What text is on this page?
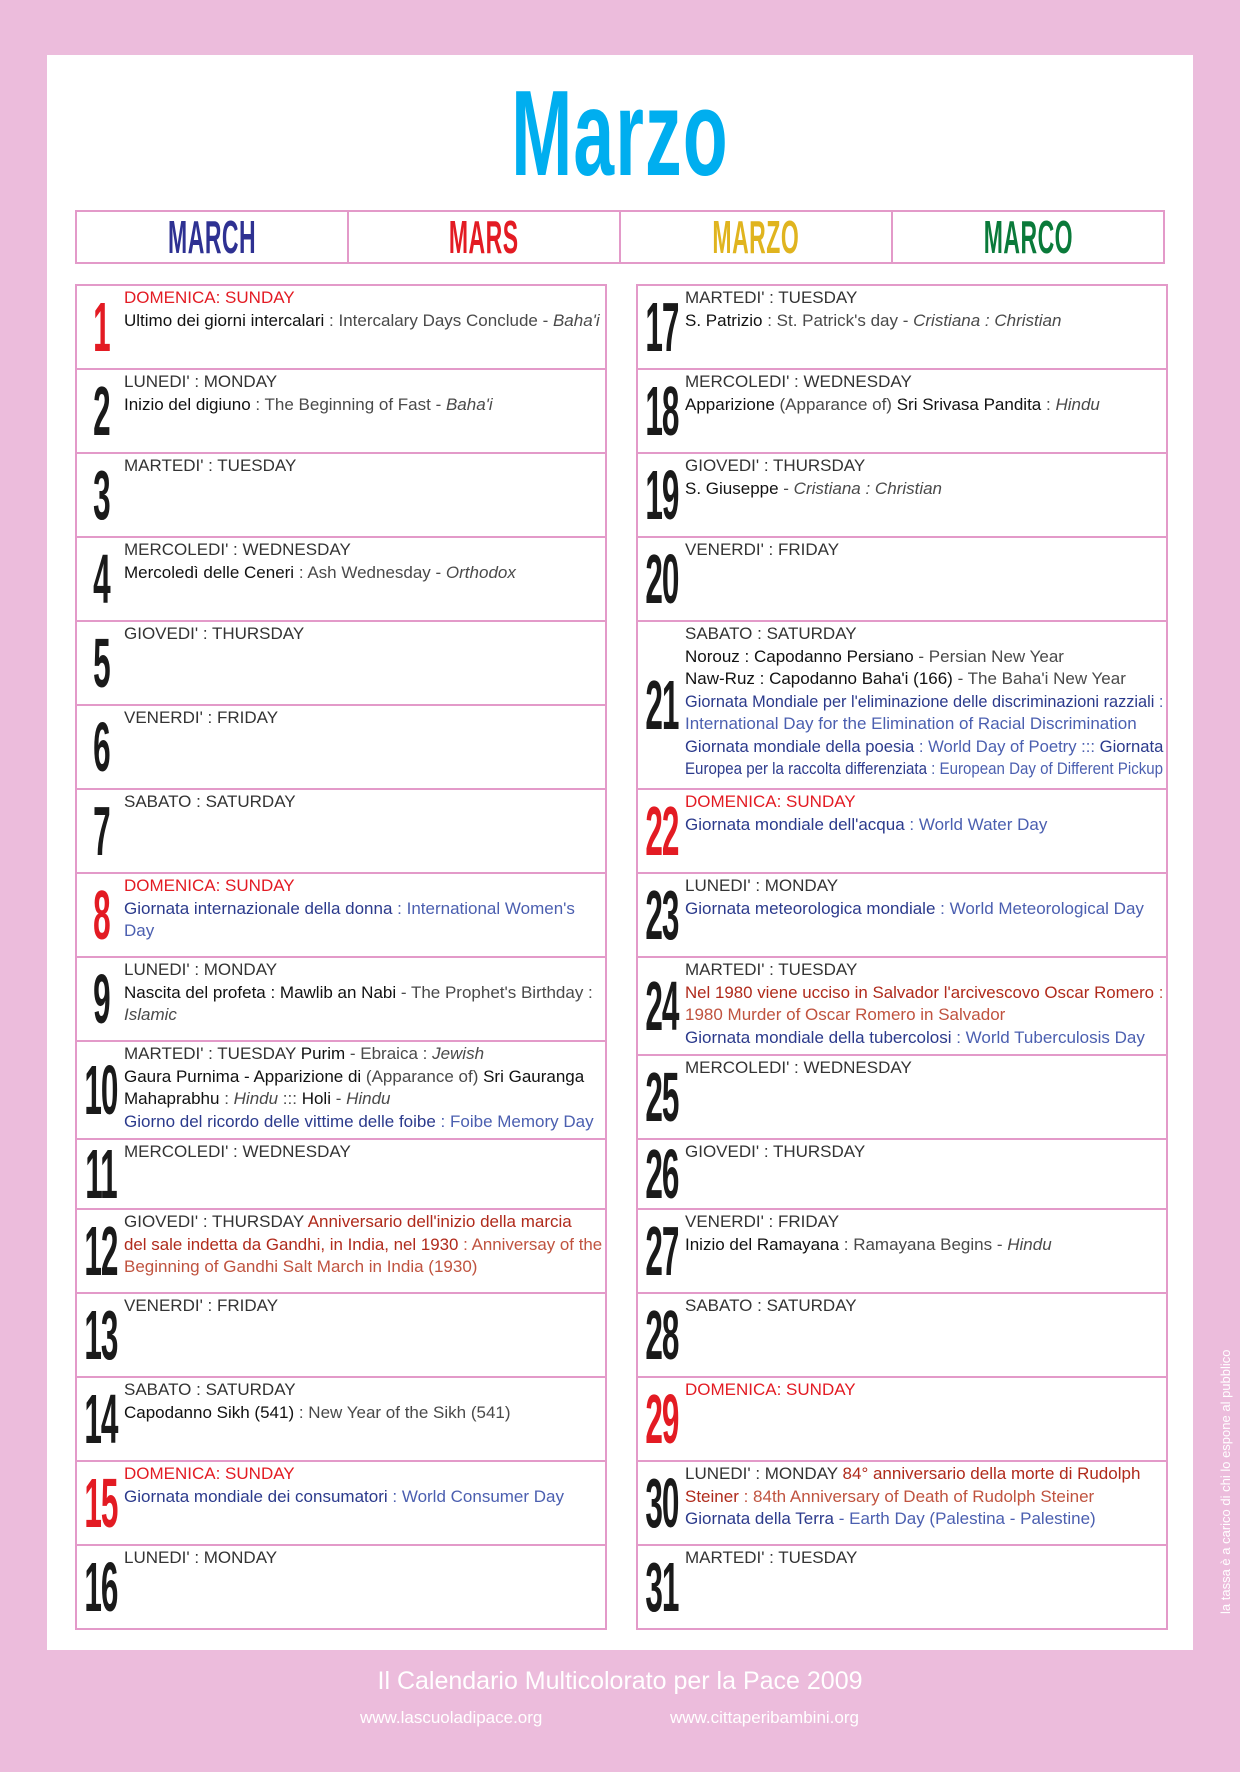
Marzo
MARCH	MARS	MARZO	MARCO
1 DOMENICA: SUNDAY
Ultimo dei giorni intercalari : Intercalary Days Conclude - Baha'i
2 LUNEDI' : MONDAY
Inizio del digiuno : The Beginning of Fast - Baha'i
3 MARTEDI' : TUESDAY
4 MERCOLEDI' : WEDNESDAY
Mercoledì delle Ceneri : Ash Wednesday - Orthodox
5 GIOVEDI' : THURSDAY
6 VENERDI' : FRIDAY
7 SABATO : SATURDAY
8 DOMENICA: SUNDAY
Giornata internazionale della donna : International Women's
Day
9 LUNEDI' : MONDAY
Nascita del profeta : Mawlib an Nabi - The Prophet's Birthday :
Islamic
10 MARTEDI' : TUESDAY Purim - Ebraica : Jewish
Gaura Purnima - Apparizione di (Apparance of) Sri Gauranga
Mahaprabhu : Hindu ::: Holi - Hindu
Giorno del ricordo delle vittime delle foibe : Foibe Memory Day
11 MERCOLEDI' : WEDNESDAY
12 GIOVEDI' : THURSDAY Anniversario dell'inizio della marcia
del sale indetta da Gandhi, in India, nel 1930 : Anniversay of the
Beginning of Gandhi Salt March in India (1930)
13 VENERDI' : FRIDAY
14 SABATO : SATURDAY
Capodanno Sikh (541) : New Year of the Sikh (541)
15 DOMENICA: SUNDAY
Giornata mondiale dei consumatori : World Consumer Day
16 LUNEDI' : MONDAY
17 MARTEDI' : TUESDAY
S. Patrizio : St. Patrick's day - Cristiana : Christian
18 MERCOLEDI' : WEDNESDAY
Apparizione (Apparance of) Sri Srivasa Pandita : Hindu
19 GIOVEDI' : THURSDAY
S. Giuseppe - Cristiana : Christian
20 VENERDI' : FRIDAY
21
SABATO : SATURDAY
Norouz : Capodanno Persiano - Persian New Year
Naw-Ruz : Capodanno Baha'i (166) - The Baha'i New Year
Giornata Mondiale per l'eliminazione delle discriminazioni razziali :
International Day for the Elimination of Racial Discrimination
Giornata mondiale della poesia : World Day of Poetry ::: Giornata
Europea per la raccolta differenziata : European Day of Different Pickup
22 DOMENICA: SUNDAY
Giornata mondiale dell'acqua : World Water Day
23 LUNEDI' : MONDAY
Giornata meteorologica mondiale : World Meteorological Day
24 MARTEDI' : TUESDAY
Nel 1980 viene ucciso in Salvador l'arcivescovo Oscar Romero :
1980 Murder of Oscar Romero in Salvador
Giornata mondiale della tubercolosi : World Tuberculosis Day
25 MERCOLEDI' : WEDNESDAY
26 GIOVEDI' : THURSDAY
27 VENERDI' : FRIDAY
Inizio del Ramayana : Ramayana Begins - Hindu
28 SABATO : SATURDAY
29 DOMENICA: SUNDAY
30 LUNEDI' : MONDAY 84° anniversario della morte di Rudolph
Steiner : 84th Anniversary of Death of Rudolph Steiner
Giornata della Terra - Earth Day (Palestina - Palestine)
31 MARTEDI' : TUESDAY
Il Calendario Multicolorato per la Pace 2009
www.lascuoladipace.org	www.cittaperibambini.org
la tassa è a carico di chi lo espone al pubblico
